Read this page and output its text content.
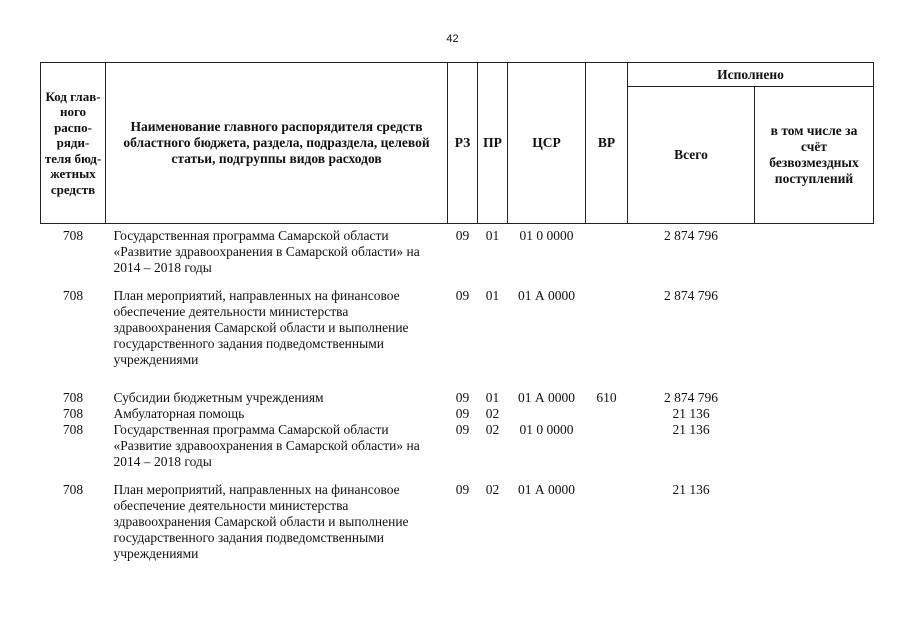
42
Код глав-ного распо-ряди-теля бюд-жетных средств	Наименование главного распорядителя средств областного бюджета, раздела, подраздела, целевой статьи, подгруппы видов расходов	РЗ	ПР	ЦСР	ВР	Исполнено	
						Всего	в том числе за счёт безвозмездных поступлений
708	Государственная программа Самарской области «Развитие здравоохранения в Самарской области» на 2014 – 2018 годы	09	01	01 0 0000		2 874 796	
708	План мероприятий, направленных на финансовое обеспечение деятельности министерства здравоохранения Самарской области и выполнение государственного задания подведомственными учреждениями	09	01	01 А 0000		2 874 796	
708	Субсидии бюджетным учреждениям	09	01	01 А 0000	610	2 874 796	
708	Амбулаторная помощь	09	02			21 136	
708	Государственная программа Самарской области «Развитие здравоохранения в Самарской области» на 2014 – 2018 годы	09	02	01 0 0000		21 136	
708	План мероприятий, направленных на финансовое обеспечение деятельности министерства здравоохранения Самарской области и выполнение государственного задания подведомственными учреждениями	09	02	01 А 0000		21 136	
